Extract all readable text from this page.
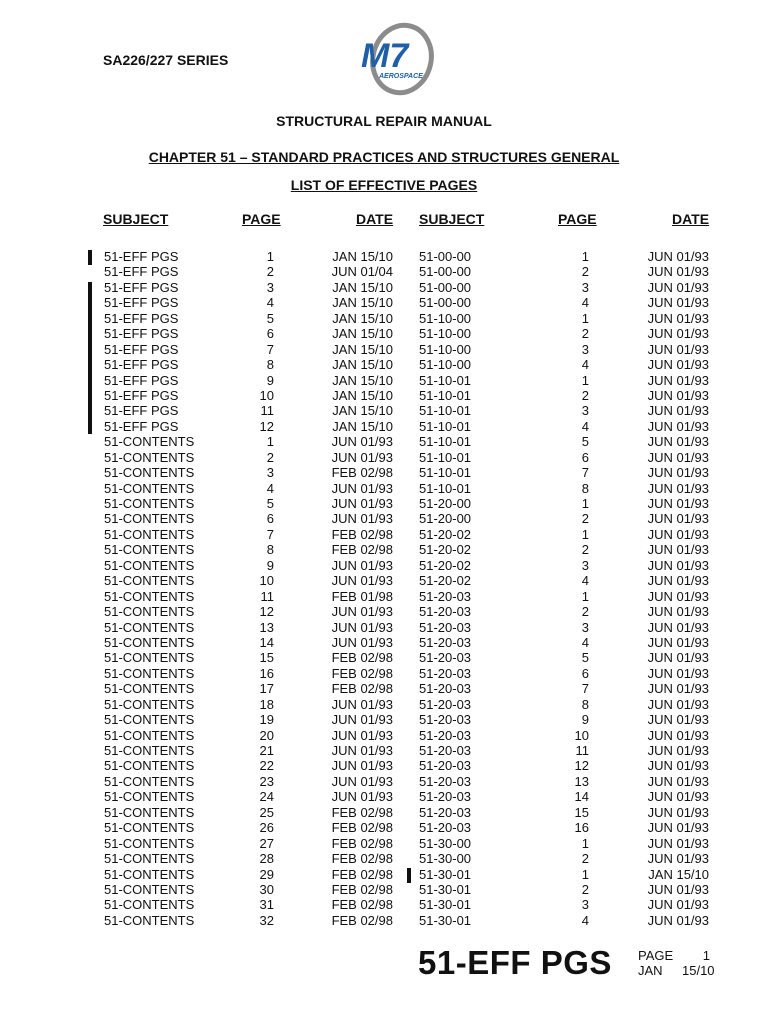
SA226/227 SERIES	M7
AEROSPACE
STRUCTURAL REPAIR MANUAL
CHAPTER 51 – STANDARD PRACTICES AND STRUCTURES GENERAL
LIST OF EFFECTIVE PAGES
SUBJECT	PAGE	DATE SUBJECT	PAGE	DATE
51-EFF PGS	1	JAN 15/10 51-00-00	1	JUN 01/93
51-EFF PGS	2	JUN 01/04 51-00-00	2	JUN 01/93
51-EFF PGS	3	JAN 15/10 51-00-00	3	JUN 01/93
51-EFF PGS	4	JAN 15/10 51-00-00	4	JUN 01/93
51-EFF PGS	5	JAN 15/10 51-10-00	1	JUN 01/93
51-EFF PGS	6	JAN 15/10 51-10-00	2	JUN 01/93
51-EFF PGS	7	JAN 15/10 51-10-00	3	JUN 01/93
51-EFF PGS	8	JAN 15/10 51-10-00	4	JUN 01/93
51-EFF PGS	9	JAN 15/10 51-10-01	1	JUN 01/93
51-EFF PGS	10	JAN 15/10 51-10-01	2	JUN 01/93
51-EFF PGS	11	JAN 15/10 51-10-01	3	JUN 01/93
51-EFF PGS	12	JAN 15/10 51-10-01	4	JUN 01/93
51-CONTENTS	1	JUN 01/93 51-10-01	5	JUN 01/93
51-CONTENTS	2	JUN 01/93 51-10-01	6	JUN 01/93
51-CONTENTS	3	FEB 02/98 51-10-01	7	JUN 01/93
51-CONTENTS	4	JUN 01/93 51-10-01	8	JUN 01/93
51-CONTENTS	5	JUN 01/93 51-20-00	1	JUN 01/93
51-CONTENTS	6	JUN 01/93 51-20-00	2	JUN 01/93
51-CONTENTS	7	FEB 02/98 51-20-02	1	JUN 01/93
51-CONTENTS	8	FEB 02/98 51-20-02	2	JUN 01/93
51-CONTENTS	9	JUN 01/93 51-20-02	3	JUN 01/93
51-CONTENTS	10	JUN 01/93 51-20-02	4	JUN 01/93
51-CONTENTS	11	FEB 01/98 51-20-03	1	JUN 01/93
51-CONTENTS	12	JUN 01/93 51-20-03	2	JUN 01/93
51-CONTENTS	13	JUN 01/93 51-20-03	3	JUN 01/93
51-CONTENTS	14	JUN 01/93 51-20-03	4	JUN 01/93
51-CONTENTS	15	FEB 02/98 51-20-03	5	JUN 01/93
51-CONTENTS	16	FEB 02/98 51-20-03	6	JUN 01/93
51-CONTENTS	17	FEB 02/98 51-20-03	7	JUN 01/93
51-CONTENTS	18	JUN 01/93 51-20-03	8	JUN 01/93
51-CONTENTS	19	JUN 01/93 51-20-03	9	JUN 01/93
51-CONTENTS	20	JUN 01/93 51-20-03	10	JUN 01/93
51-CONTENTS	21	JUN 01/93 51-20-03	11	JUN 01/93
51-CONTENTS	22	JUN 01/93 51-20-03	12	JUN 01/93
51-CONTENTS	23	JUN 01/93 51-20-03	13	JUN 01/93
51-CONTENTS	24	JUN 01/93 51-20-03	14	JUN 01/93
51-CONTENTS	25	FEB 02/98 51-20-03	15	JUN 01/93
51-CONTENTS	26	FEB 02/98 51-20-03	16	JUN 01/93
51-CONTENTS	27	FEB 02/98 51-30-00	1	JUN 01/93
51-CONTENTS	28	FEB 02/98 51-30-00	2	JUN 01/93
51-CONTENTS	29	FEB 02/98 51-30-01	1	JAN 15/10
51-CONTENTS	30	FEB 02/98 51-30-01	2	JUN 01/93
51-CONTENTS	31	FEB 02/98 51-30-01	3	JUN 01/93
51-CONTENTS	32	FEB 02/98 51-30-01	4	JUN 01/93
51-EFF PGS PAGE 1
JAN 15/10
